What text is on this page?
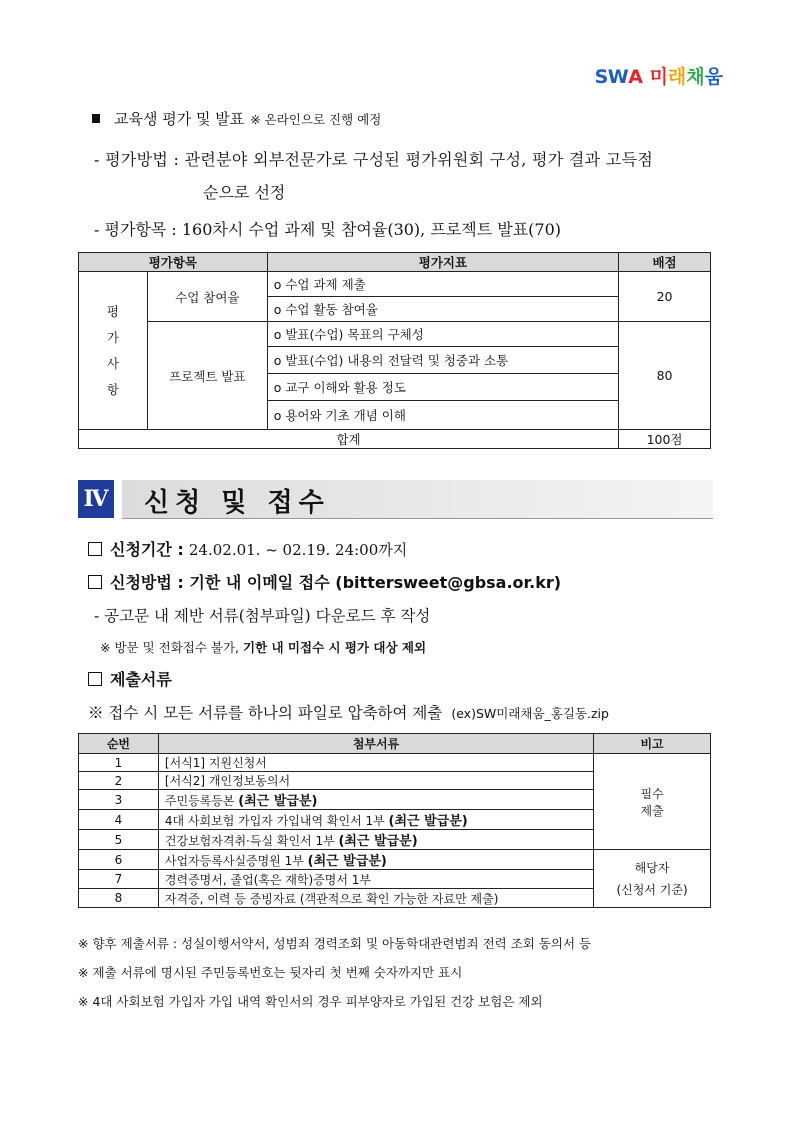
SWA 미래채움
교육생 평가 및 발표 ※ 온라인으로 진행 예정
- 평가방법 : 관련분야 외부전문가로 구성된 평가위원회 구성, 평가 결과 고득점
순으로 선정
- 평가항목 : 160차시 수업 과제 및 참여율(30), 프로젝트 발표(70)
평가항목		평가지표	배점

평
가
사
항	수업 참여율	o 수업 과제 제출	20
		o 수업 활동 참여율	
	프로젝트 발표	o 발표(수업) 목표의 구체성	80
		o 발표(수업) 내용의 전달력 및 청중과 소통	
		o 교구 이해와 활용 정도	
		o 용어와 기초 개념 이해	
합계			100점
Ⅳ 신청 및 접수
신청기간 : 24.02.01. ~ 02.19. 24:00까지
신청방법 : 기한 내 이메일 접수 (bittersweet@gbsa.or.kr)
- 공고문 내 제반 서류(첨부파일) 다운로드 후 작성
※ 방문 및 전화접수 불가, 기한 내 미접수 시 평가 대상 제외
제출서류
※ 접수 시 모든 서류를 하나의 파일로 압축하여 제출 (ex)SW미래채움_홍길동.zip
순번	첨부서류	비고
1	[서식1] 지원신청서	필수
제출

2	[서식2] 개인정보동의서	
3	주민등록등본 (최근 발급분)	
4	4대 사회보험 가입자 가입내역 확인서 1부 (최근 발급분)	
5	건강보험자격취·득실 확인서 1부 (최근 발급분)	
6	사업자등록사실증명원 1부 (최근 발급분)	해당자
(신청서 기준)

7	경력증명서, 졸업(혹은 재학)증명서 1부	
8	자격증, 이력 등 증빙자료 (객관적으로 확인 가능한 자료만 제출)	
※ 향후 제출서류 : 성실이행서약서, 성범죄 경력조회 및 아동학대관련범죄 전력 조회 동의서 등
※ 제출 서류에 명시된 주민등록번호는 뒷자리 첫 번째 숫자까지만 표시
※ 4대 사회보험 가입자 가입 내역 확인서의 경우 피부양자로 가입된 건강 보험은 제외
